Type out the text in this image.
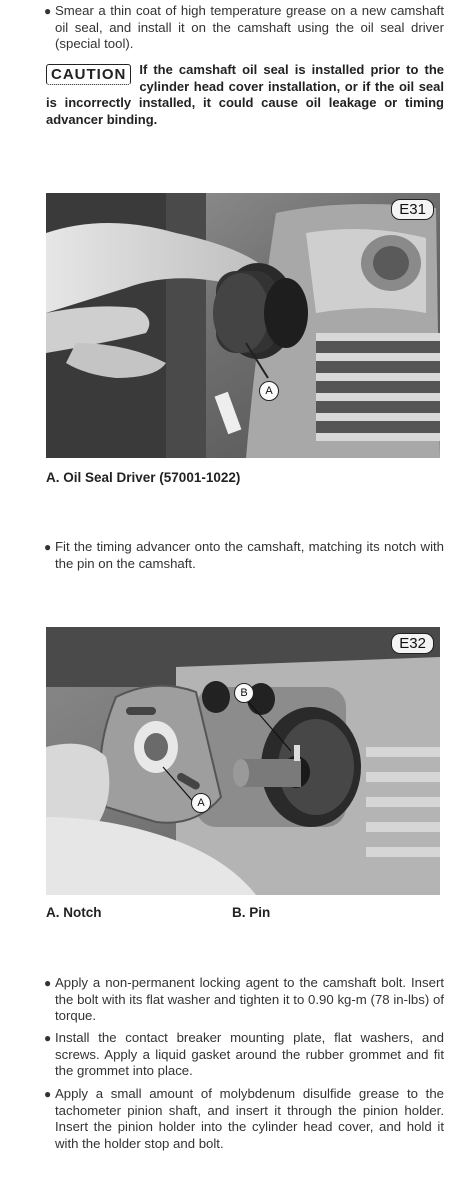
● Smear a thin coat of high temperature grease on a new camshaft oil seal, and install it on the camshaft using the oil seal driver (special tool).
CAUTION	If the camshaft oil seal is installed prior to the cylinder head cover installation, or if the oil seal is incorrectly installed, it could cause oil leakage or timing advancer binding.
E31
A
A. Oil Seal Driver (57001-1022)
● Fit the timing advancer onto the camshaft, matching its notch with the pin on the camshaft.
E32
B
A
A. Notch	B. Pin
● Apply a non-permanent locking agent to the camshaft bolt. Insert the bolt with its flat washer and tighten it to 0.90 kg-m (78 in-lbs) of torque.
● Install the contact breaker mounting plate, flat washers, and screws. Apply a liquid gasket around the rubber grommet and fit the grommet into place.
● Apply a small amount of molybdenum disulfide grease to the tachometer pinion shaft, and insert it through the pinion holder. Insert the pinion holder into the cylinder head cover, and hold it with the holder stop and bolt.
